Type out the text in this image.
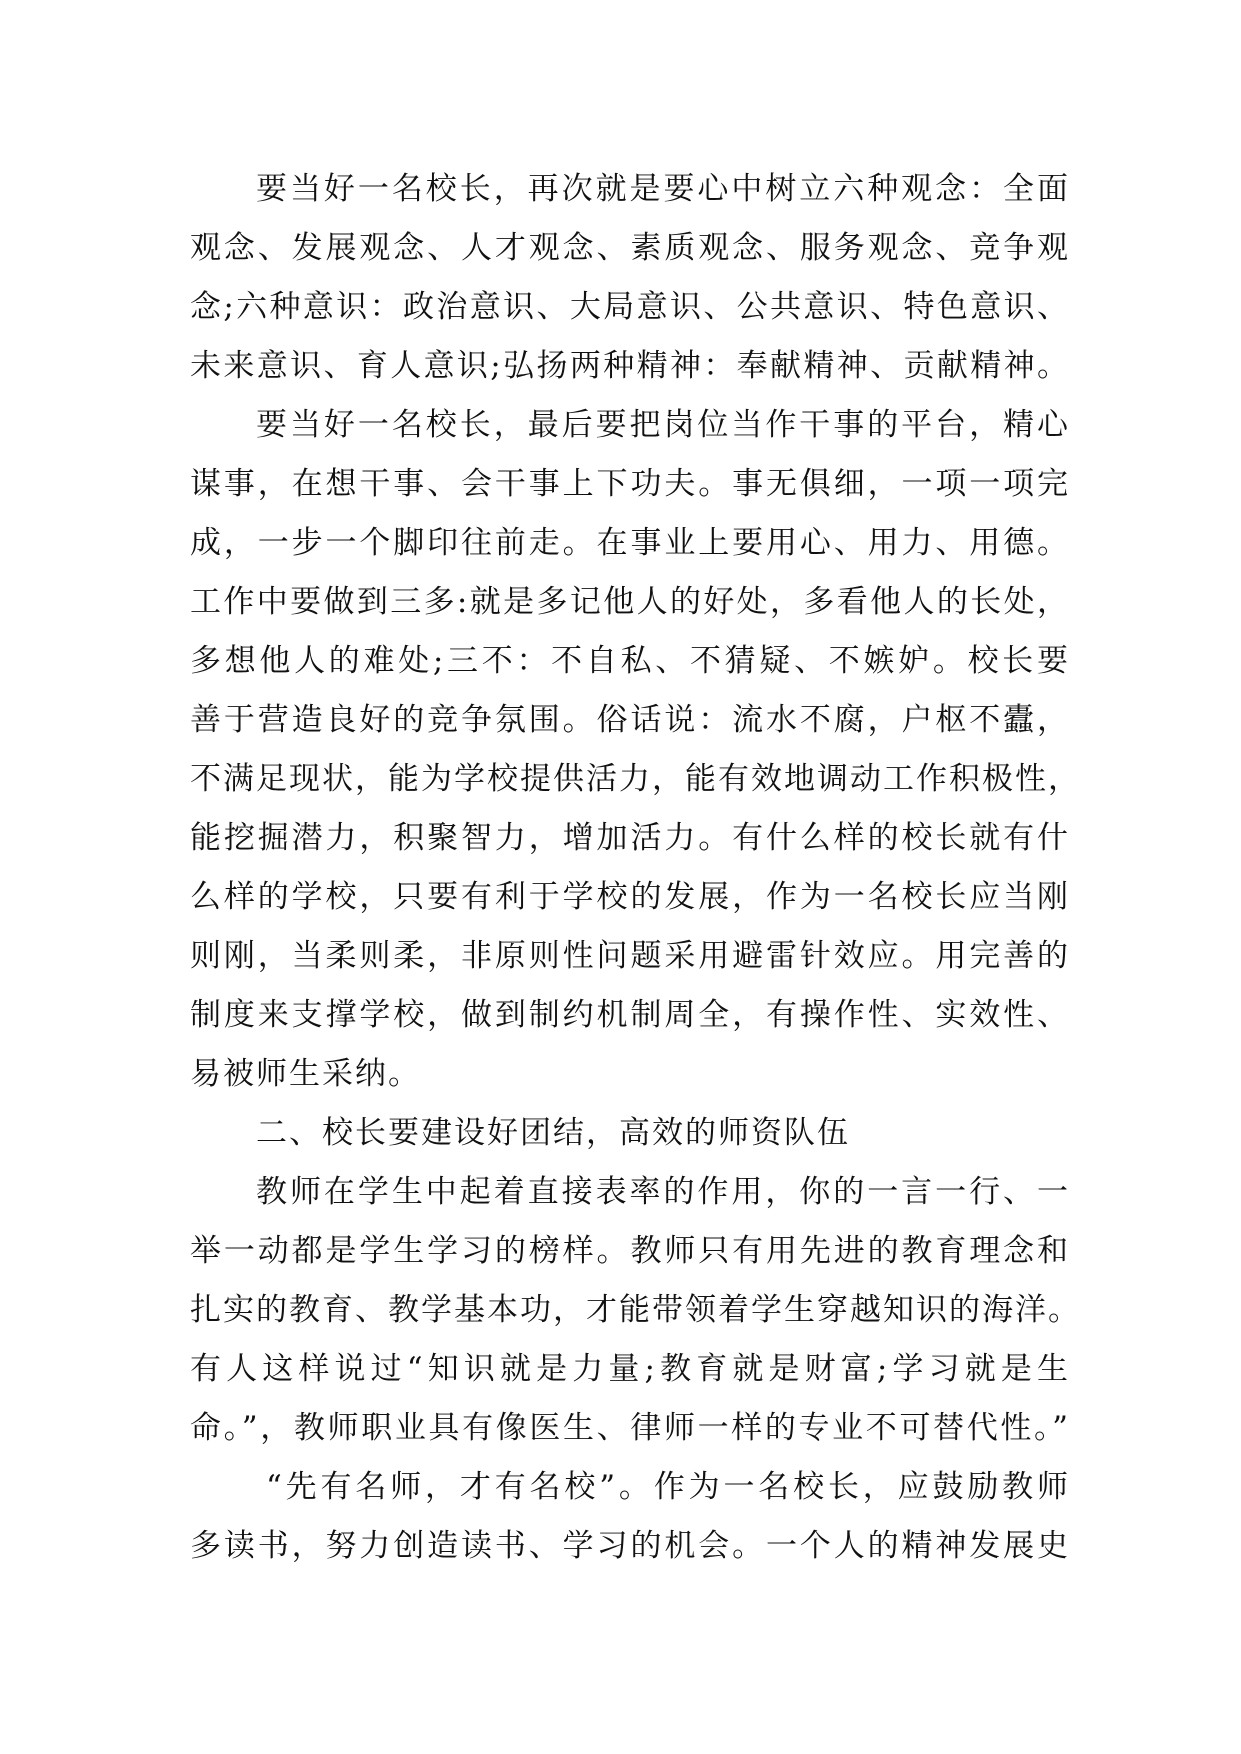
要当好一名校长，再次就是要心中树立六种观念：全面
观念、发展观念、人才观念、素质观念、服务观念、竞争观
念;六种意识：政治意识、大局意识、公共意识、特色意识、
未来意识、育人意识;弘扬两种精神：奉献精神、贡献精神。
要当好一名校长，最后要把岗位当作干事的平台，精心
谋事，在想干事、会干事上下功夫。事无俱细，一项一项完
成，一步一个脚印往前走。在事业上要用心、用力、用德。
工作中要做到三多:就是多记他人的好处，多看他人的长处，
多想他人的难处;三不：不自私、不猜疑、不嫉妒。校长要
善于营造良好的竞争氛围。俗话说：流水不腐，户枢不蠹，
不满足现状，能为学校提供活力，能有效地调动工作积极性，
能挖掘潜力，积聚智力，增加活力。有什么样的校长就有什
么样的学校，只要有利于学校的发展，作为一名校长应当刚
则刚，当柔则柔，非原则性问题采用避雷针效应。用完善的
制度来支撑学校，做到制约机制周全，有操作性、实效性、
易被师生采纳。
二、校长要建设好团结，高效的师资队伍
教师在学生中起着直接表率的作用，你的一言一行、一
举一动都是学生学习的榜样。教师只有用先进的教育理念和
扎实的教育、教学基本功，才能带领着学生穿越知识的海洋。
有人这样说过“知识就是力量;教育就是财富;学习就是生
命。”，教师职业具有像医生、律师一样的专业不可替代性。”
“先有名师，才有名校”。作为一名校长，应鼓励教师
多读书，努力创造读书、学习的机会。一个人的精神发展史
